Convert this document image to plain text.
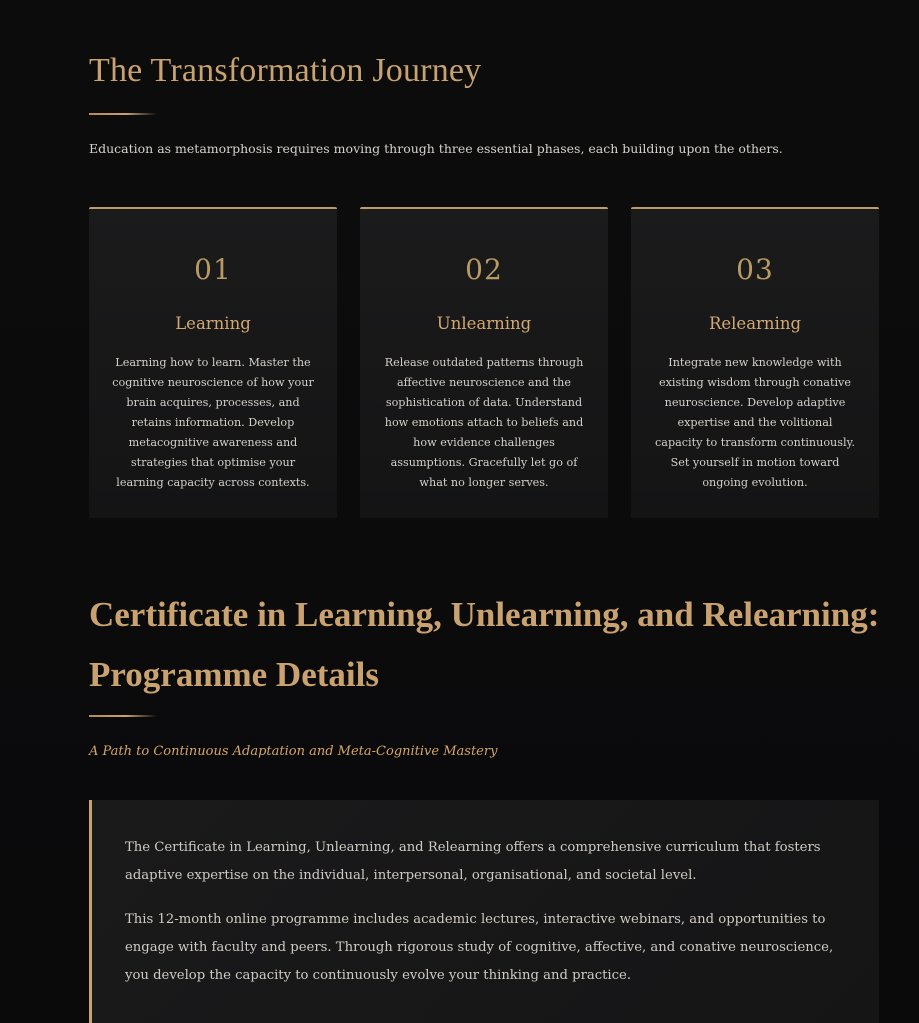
The Transformation Journey

Education as metamorphosis requires moving through three essential phases, each building upon the others.

01
Learning

Learning how to learn. Master the cognitive neuroscience of how your brain acquires, processes, and retains information. Develop metacognitive awareness and strategies that optimise your learning capacity across contexts.

02
Unlearning

Release outdated patterns through affective neuroscience and the sophistication of data. Understand how emotions attach to beliefs and how evidence challenges assumptions. Gracefully let go of what no longer serves.

03
Relearning

Integrate new knowledge with existing wisdom through conative neuroscience. Develop adaptive expertise and the volitional capacity to transform continuously. Set yourself in motion toward ongoing evolution.

Certificate in Learning, Unlearning, and Relearning: Programme Details

A Path to Continuous Adaptation and Meta-Cognitive Mastery

The Certificate in Learning, Unlearning, and Relearning offers a comprehensive curriculum that fosters adaptive expertise on the individual, interpersonal, organisational, and societal level.

This 12-month online programme includes academic lectures, interactive webinars, and opportunities to engage with faculty and peers. Through rigorous study of cognitive, affective, and conative neuroscience, you develop the capacity to continuously evolve your thinking and practice.
